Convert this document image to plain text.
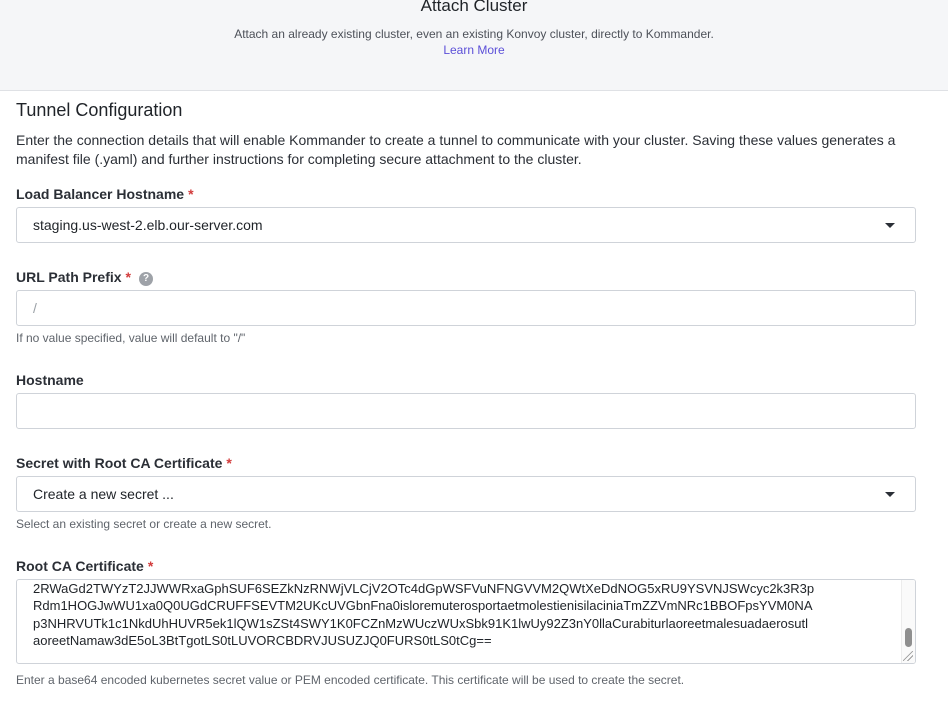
Attach Cluster
Attach an already existing cluster, even an existing Konvoy cluster, directly to Kommander.
Learn More
Tunnel Configuration
Enter the connection details that will enable Kommander to create a tunnel to communicate with your cluster. Saving these values generates a manifest file (.yaml) and further instructions for completing secure attachment to the cluster.
Load Balancer Hostname *
staging.us-west-2.elb.our-server.com
URL Path Prefix * ?
/
If no value specified, value will default to "/"
Hostname
Secret with Root CA Certificate *
Create a new secret ...
Select an existing secret or create a new secret.
Root CA Certificate *
2RWaGd2TWYzT2JJWWRxaGphSUF6SEZkNzRNWjVLCjV2OTc4dGpWSFVuNFNGVVM2QWtXeDdNOG5xRU9YSVNJSWcyc2k3R3p
Rdm1HOGJwWU1xa0Q0UGdCRUFFSEVTM2UKcUVGbnFna0isloremuterosportaetmolestienisilaciniaTmZZVmNRc1BBOFpsYVM0NA
p3NHRVUTk1c1NkdUhHUVR5ek1lQW1sZSt4SWY1K0FCZnMzWUczWUxSbk91K1lwUy92Z3nY0llaCurabiturlaoreetmalesuadaerosutl
aoreetNamaw3dE5oL3BtTgotLS0tLUVORCBDRVJUSUZJQ0FURS0tLS0tCg==
Enter a base64 encoded kubernetes secret value or PEM encoded certificate. This certificate will be used to create the secret.
